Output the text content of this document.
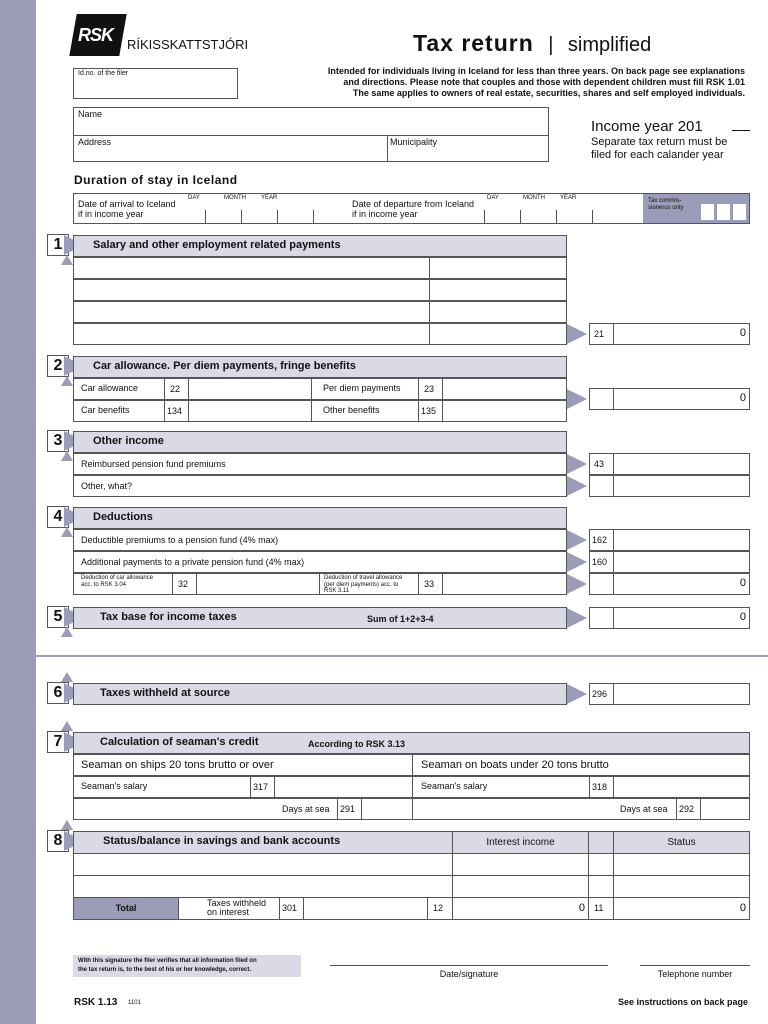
RSK RÍKISSKATTSTJÓRI	Tax return | simplified
Id.no. of the filer	Intended for individuals living in Iceland for less than three years. On back page see explanations
and directions. Please note that couples and those with dependent children must fill RSK 1.01
The same applies to owners of real estate, securities, shares and self employed individuals.
Name
Address	Municipality
Income year 201
Separate tax return must be
filed for each calander year
Duration of stay in Iceland
Tax commis-
sionerus only
Date of arrival to Iceland
if in income year
DAY	MONTH	YEAR
Date of departure from Iceland
if in income year
DAY	MONTH	YEAR
1	Salary and other employment related payments
21	0
2	Car allowance. Per diem payments, fringe benefits
Car allowance	22	Per diem payments	23
Car benefits	134	Other benefits	135
0
3	Other income
Reimbursed pension fund premiums	43
Other, what?
4	Deductions
Deductible premiums to a pension fund (4% max)	162
Additional payments to a private pension fund (4% max)	160
Deduction of car allowance
acc. to RSK 3.04	32
Deduction of travel allowance
(per diem payments) acc. to
RSK 3.11
33	0
5	Tax base for income taxes	Sum of 1+2+3-4	0
6	Taxes withheld at source	296
7	Calculation of seaman's credit	According to RSK 3.13
Seaman on ships 20 tons brutto or over	Seaman on boats under 20 tons brutto
Seaman's salary	317	Seaman's salary	318
Days at sea 291	Days at sea 292
8	Status/balance in savings and bank accounts	Interest income	Status
Total	Taxes withheld
on interest	301	12	0 11	0
With this signature the filer verifies that all information filed on
the tax return is, to the best of his or her knowledge, correct.	Date/signature	Telephone number
RSK 1.13 1101	See instructions on back page
